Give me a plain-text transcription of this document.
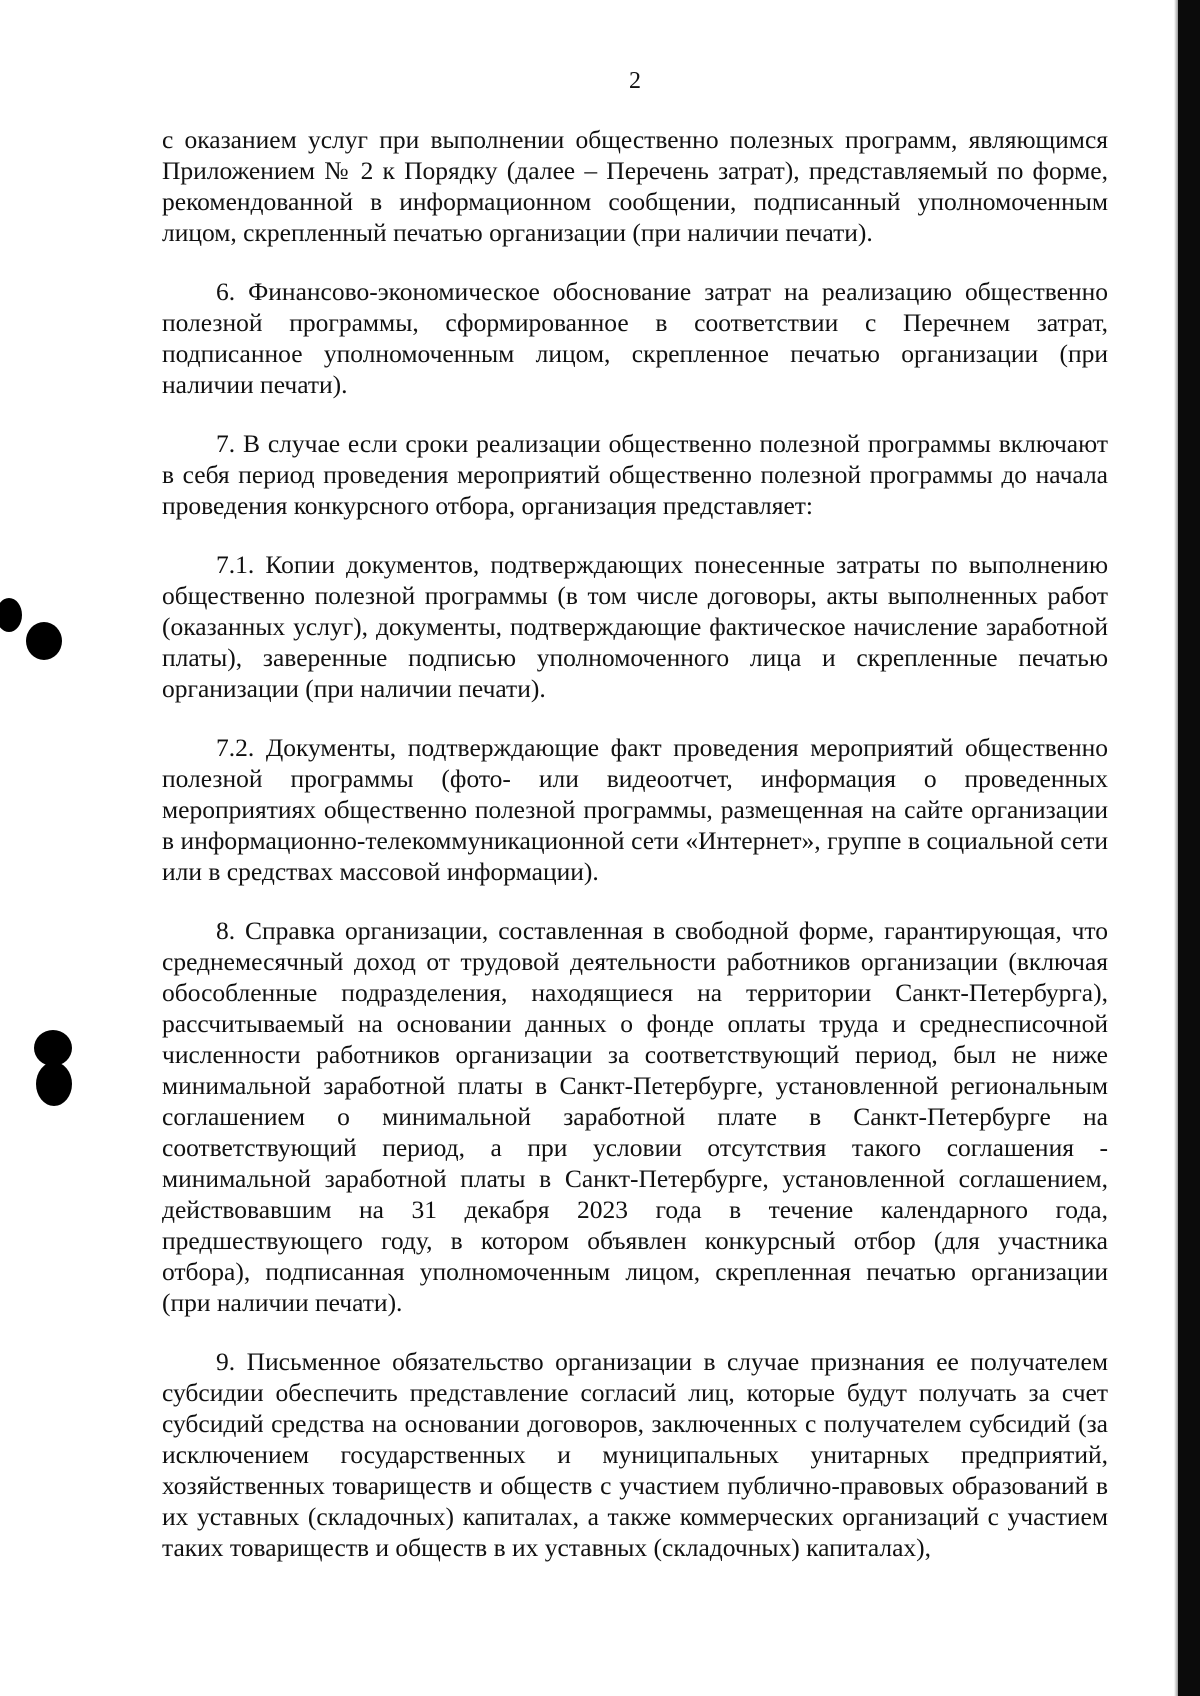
2

с оказанием услуг при выполнении общественно полезных программ, являющимся Приложением № 2 к Порядку (далее – Перечень затрат), представляемый по форме, рекомендованной в информационном сообщении, подписанный уполномоченным лицом, скрепленный печатью организации (при наличии печати).

6. Финансово-экономическое обоснование затрат на реализацию общественно полезной программы, сформированное в соответствии с Перечнем затрат, подписанное уполномоченным лицом, скрепленное печатью организации (при наличии печати).

7. В случае если сроки реализации общественно полезной программы включают в себя период проведения мероприятий общественно полезной программы до начала проведения конкурсного отбора, организация представляет:

7.1. Копии документов, подтверждающих понесенные затраты по выполнению общественно полезной программы (в том числе договоры, акты выполненных работ (оказанных услуг), документы, подтверждающие фактическое начисление заработной платы), заверенные подписью уполномоченного лица и скрепленные печатью организации (при наличии печати).

7.2. Документы, подтверждающие факт проведения мероприятий общественно полезной программы (фото- или видеоотчет, информация о проведенных мероприятиях общественно полезной программы, размещенная на сайте организации в информационно-телекоммуникационной сети «Интернет», группе в социальной сети или в средствах массовой информации).

8. Справка организации, составленная в свободной форме, гарантирующая, что среднемесячный доход от трудовой деятельности работников организации (включая обособленные подразделения, находящиеся на территории Санкт-Петербурга), рассчитываемый на основании данных о фонде оплаты труда и среднесписочной численности работников организации за соответствующий период, был не ниже минимальной заработной платы в Санкт-Петербурге, установленной региональным соглашением о минимальной заработной плате в Санкт-Петербурге на соответствующий период, а при условии отсутствия такого соглашения - минимальной заработной платы в Санкт-Петербурге, установленной соглашением, действовавшим на 31 декабря 2023 года в течение календарного года, предшествующего году, в котором объявлен конкурсный отбор (для участника отбора), подписанная уполномоченным лицом, скрепленная печатью организации (при наличии печати).

9. Письменное обязательство организации в случае признания ее получателем субсидии обеспечить представление согласий лиц, которые будут получать за счет субсидий средства на основании договоров, заключенных с получателем субсидий (за исключением государственных и муниципальных унитарных предприятий, хозяйственных товариществ и обществ с участием публично-правовых образований в их уставных (складочных) капиталах, а также коммерческих организаций с участием таких товариществ и обществ в их уставных (складочных) капиталах),
